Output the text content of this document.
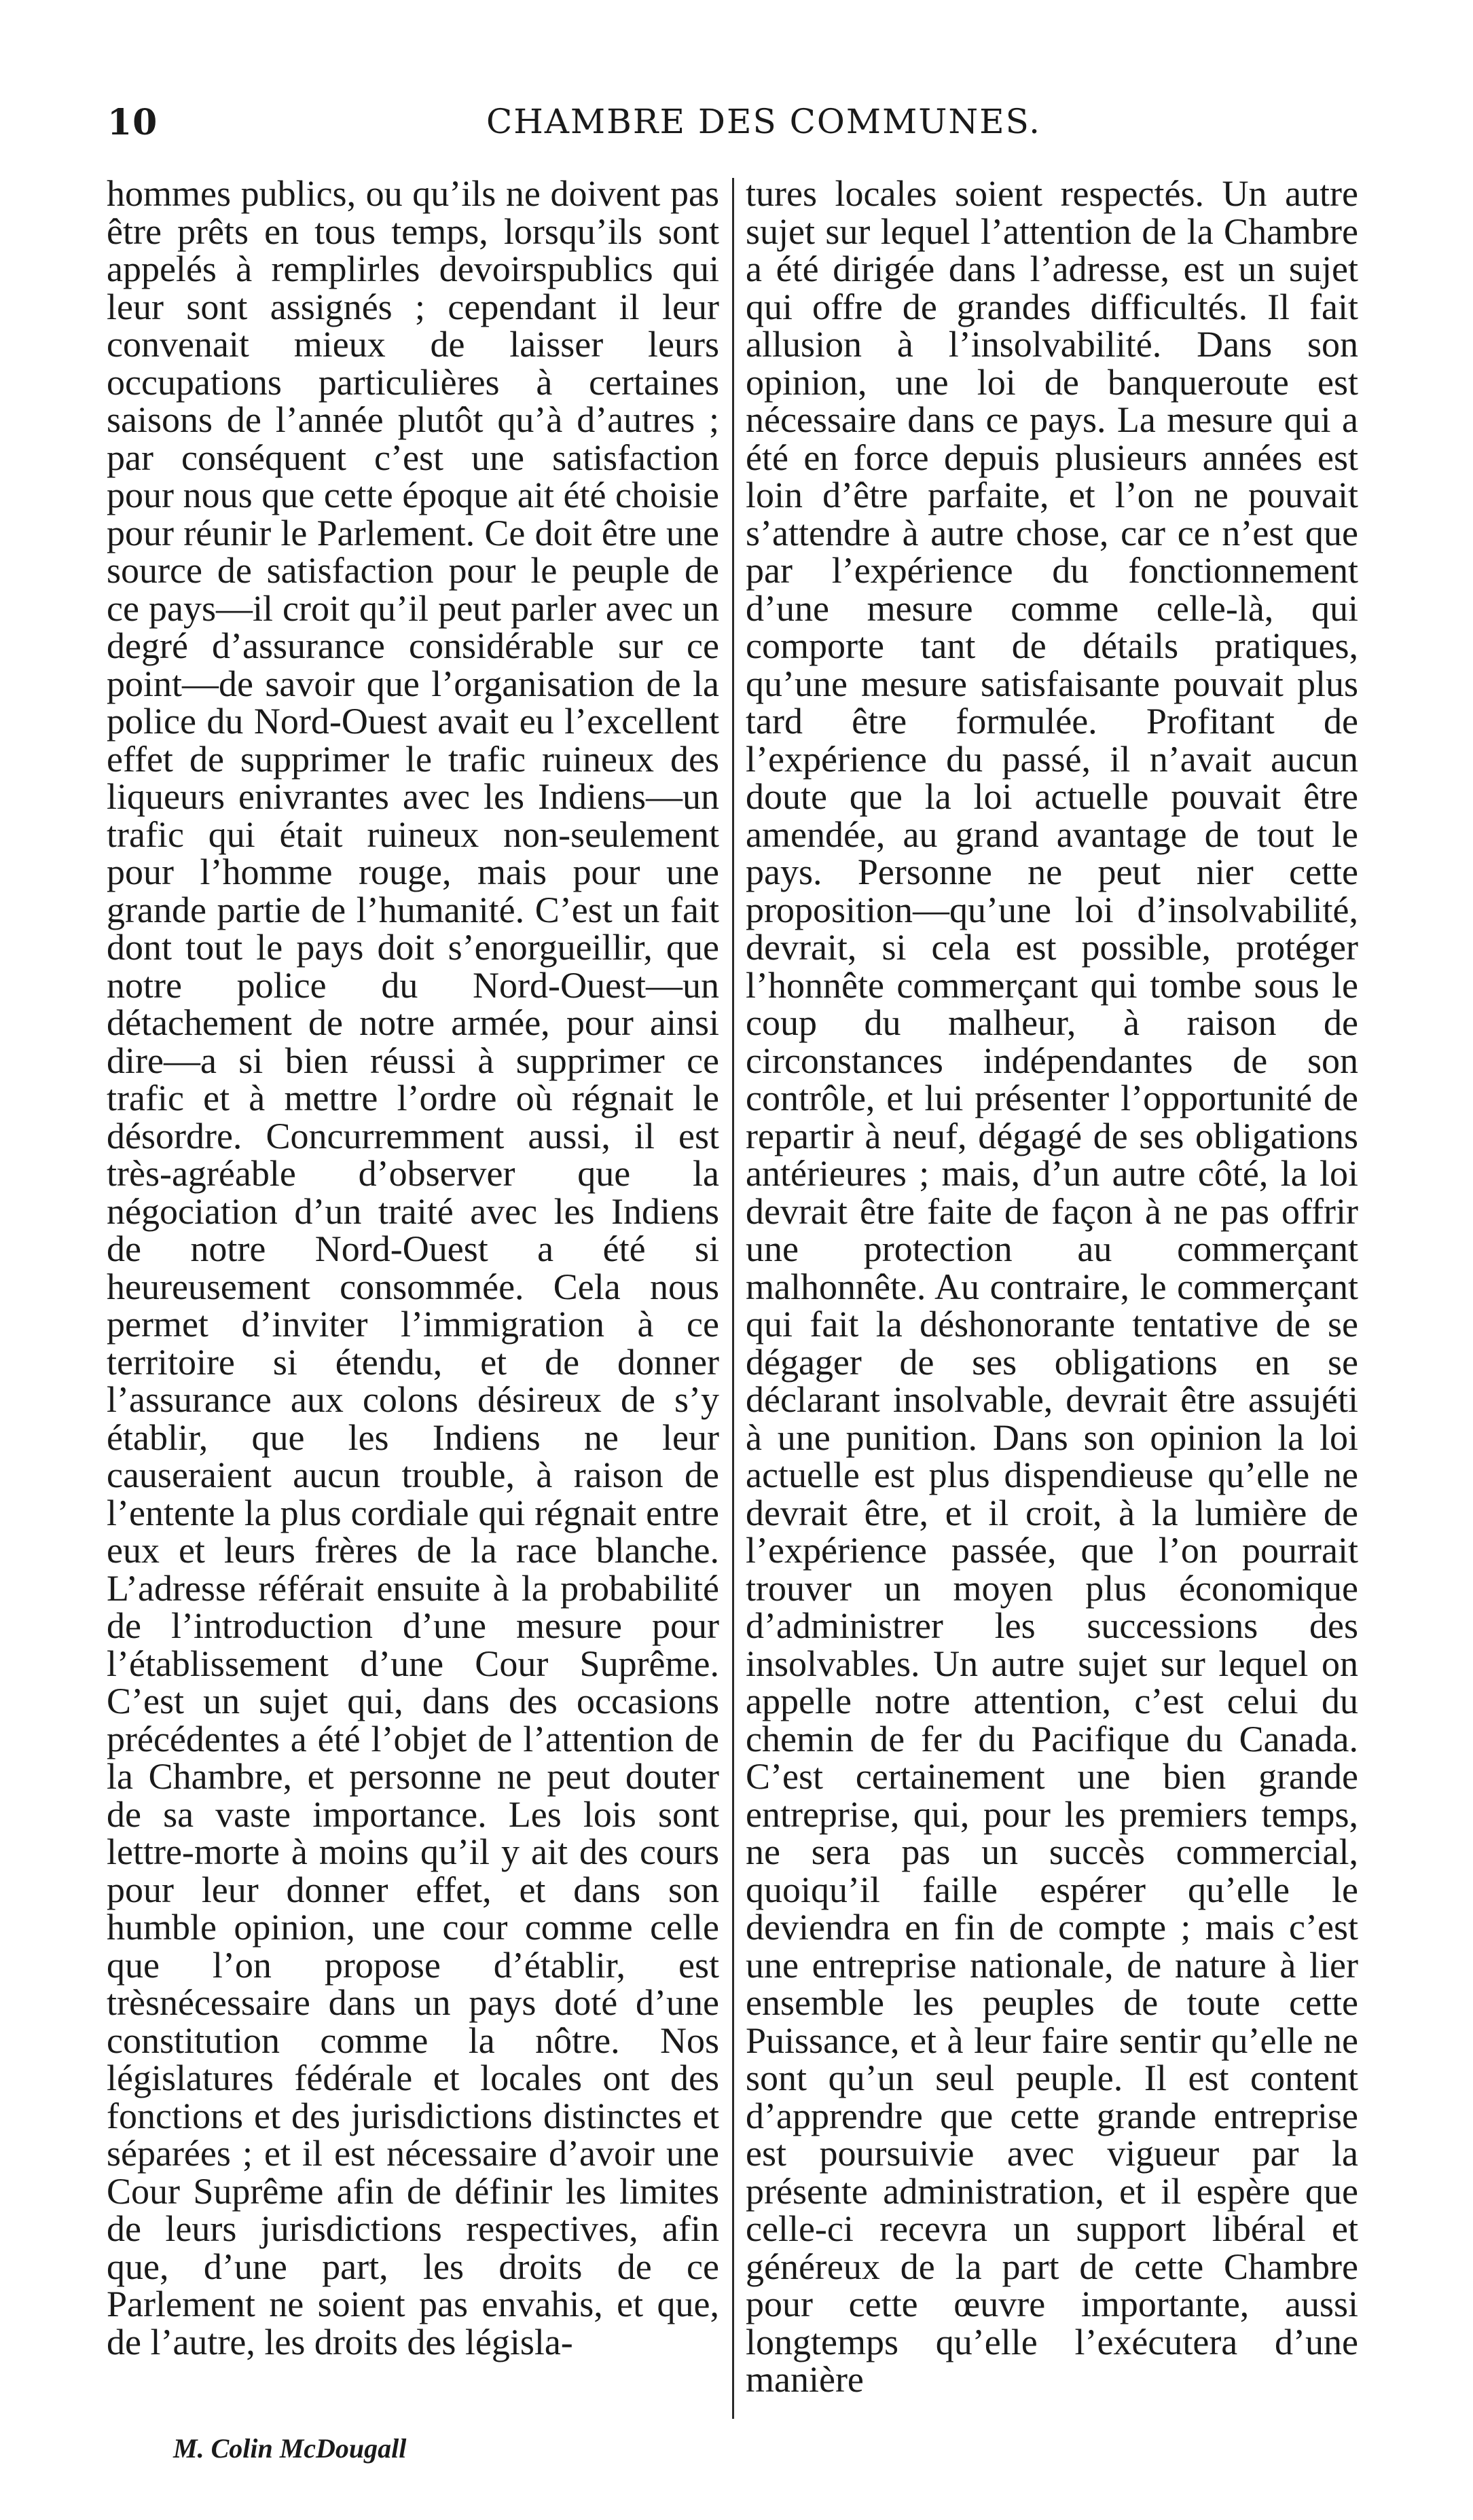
10	CHAMBRE DES COMMUNES.
hommes publics, ou qu’ils ne doivent pas être prêts en tous temps, lorsqu’ils sont appelés à remplirles devoirspublics qui leur sont assignés ; cependant il leur convenait mieux de laisser leurs occupations particulières à certaines saisons de l’année plutôt qu’à d’autres ; par conséquent c’est une satisfaction pour nous que cette époque ait été choisie pour réunir le Parlement. Ce doit être une source de satisfaction pour le peuple de ce pays—il croit qu’il peut parler avec un degré d’assurance considérable sur ce point—de savoir que l’organisation de la police du Nord-Ouest avait eu l’excellent effet de supprimer le trafic ruineux des liqueurs enivrantes avec les Indiens—un trafic qui était ruineux non-seulement pour l’homme rouge, mais pour une grande partie de l’humanité. C’est un fait dont tout le pays doit s’enorgueillir, que notre police du Nord-Ouest—un détachement de notre armée, pour ainsi dire—a si bien réussi à supprimer ce trafic et à mettre l’ordre où régnait le désordre. Concurremment aussi, il est très-agréable d’observer que la négociation d’un traité avec les Indiens de notre Nord-Ouest a été si heureusement consommée. Cela nous permet d’inviter l’immigration à ce territoire si étendu, et de donner l’assurance aux colons désireux de s’y établir, que les Indiens ne leur causeraient aucun trouble, à raison de l’entente la plus cordiale qui régnait entre eux et leurs frères de la race blanche. L’adresse référait ensuite à la probabilité de l’introduction d’une mesure pour l’établissement d’une Cour Suprême. C’est un sujet qui, dans des occasions précédentes a été l’objet de l’attention de la Chambre, et personne ne peut douter de sa vaste importance. Les lois sont lettre-morte à moins qu’il y ait des cours pour leur donner effet, et dans son humble opinion, une cour comme celle que l’on propose d’établir, est trèsnécessaire dans un pays doté d’une constitution comme la nôtre. Nos législatures fédérale et locales ont des fonctions et des jurisdictions distinctes et séparées ; et il est nécessaire d’avoir une Cour Suprême afin de définir les limites de leurs jurisdictions respectives, afin que, d’une part, les droits de ce Parlement ne soient pas envahis, et que, de l’autre, les droits des législa-
tures locales soient respectés. Un autre sujet sur lequel l’attention de la Chambre a été dirigée dans l’adresse, est un sujet qui offre de grandes difficultés. Il fait allusion à l’insolvabilité. Dans son opinion, une loi de banqueroute est nécessaire dans ce pays. La mesure qui a été en force depuis plusieurs années est loin d’être parfaite, et l’on ne pouvait s’attendre à autre chose, car ce n’est que par l’expérience du fonctionnement d’une mesure comme celle-là, qui comporte tant de détails pratiques, qu’une mesure satisfaisante pouvait plus tard être formulée. Profitant de l’expérience du passé, il n’avait aucun doute que la loi actuelle pouvait être amendée, au grand avantage de tout le pays. Personne ne peut nier cette proposition—qu’une loi d’insolvabilité, devrait, si cela est possible, protéger l’honnête commerçant qui tombe sous le coup du malheur, à raison de circonstances indépendantes de son contrôle, et lui présenter l’opportunité de repartir à neuf, dégagé de ses obligations antérieures ; mais, d’un autre côté, la loi devrait être faite de façon à ne pas offrir une protection au commerçant malhonnête. Au contraire, le commerçant qui fait la déshonorante tentative de se dégager de ses obligations en se déclarant insolvable, devrait être assujéti à une punition. Dans son opinion la loi actuelle est plus dispendieuse qu’elle ne devrait être, et il croit, à la lumière de l’expérience passée, que l’on pourrait trouver un moyen plus économique d’administrer les successions des insolvables. Un autre sujet sur lequel on appelle notre attention, c’est celui du chemin de fer du Pacifique du Canada. C’est certainement une bien grande entreprise, qui, pour les premiers temps, ne sera pas un succès commercial, quoiqu’il faille espérer qu’elle le deviendra en fin de compte ; mais c’est une entreprise nationale, de nature à lier ensemble les peuples de toute cette Puissance, et à leur faire sentir qu’elle ne sont qu’un seul peuple. Il est content d’apprendre que cette grande entreprise est poursuivie avec vigueur par la présente administration, et il espère que celle-ci recevra un support libéral et généreux de la part de cette Chambre pour cette œuvre importante, aussi longtemps qu’elle l’exécutera d’une manière
M. Colin McDougall
